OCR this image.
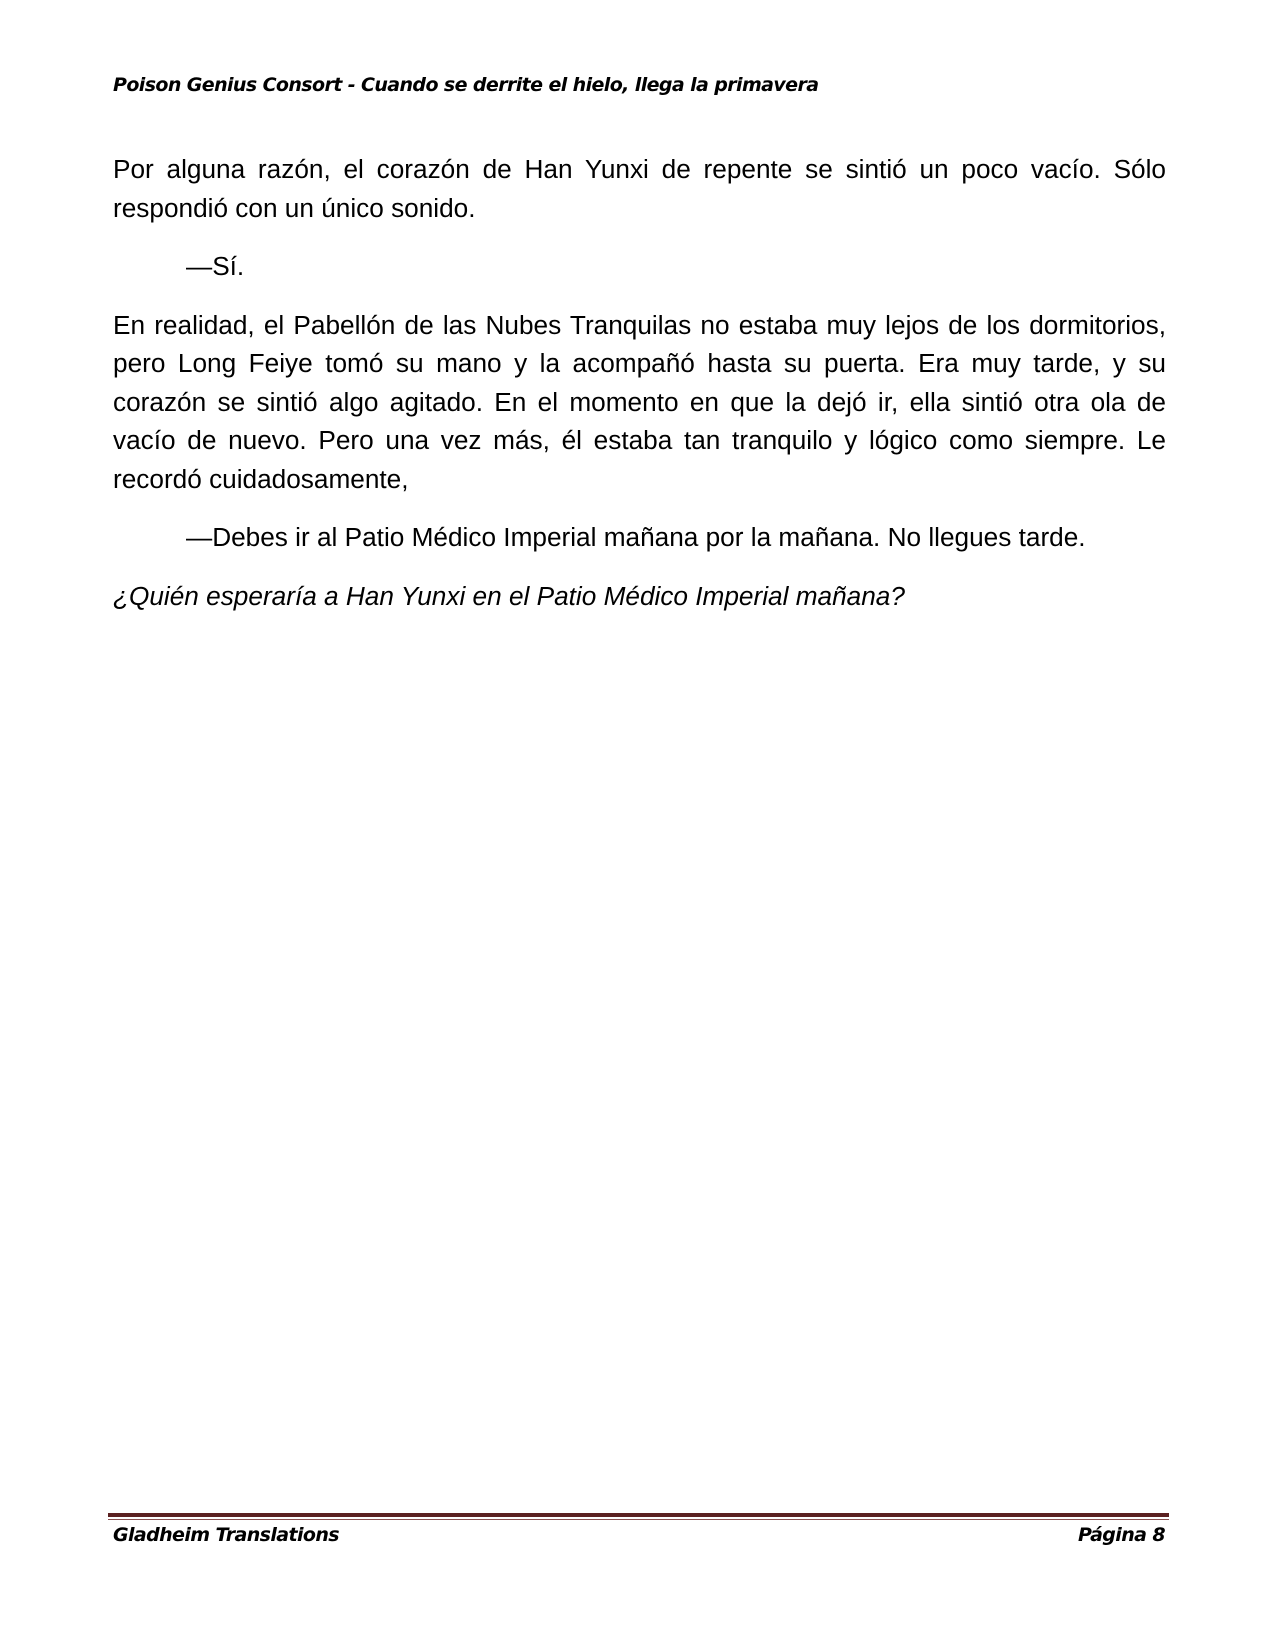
Poison Genius Consort - Cuando se derrite el hielo, llega la primavera

Por alguna razón, el corazón de Han Yunxi de repente se sintió un poco vacío. Sólo respondió con un único sonido.

—Sí.

En realidad, el Pabellón de las Nubes Tranquilas no estaba muy lejos de los dormitorios, pero Long Feiye tomó su mano y la acompañó hasta su puerta. Era muy tarde, y su corazón se sintió algo agitado. En el momento en que la dejó ir, ella sintió otra ola de vacío de nuevo. Pero una vez más, él estaba tan tranquilo y lógico como siempre. Le recordó cuidadosamente,

—Debes ir al Patio Médico Imperial mañana por la mañana. No llegues tarde.

¿Quién esperaría a Han Yunxi en el Patio Médico Imperial mañana?

Gladheim Translations	Página 8
